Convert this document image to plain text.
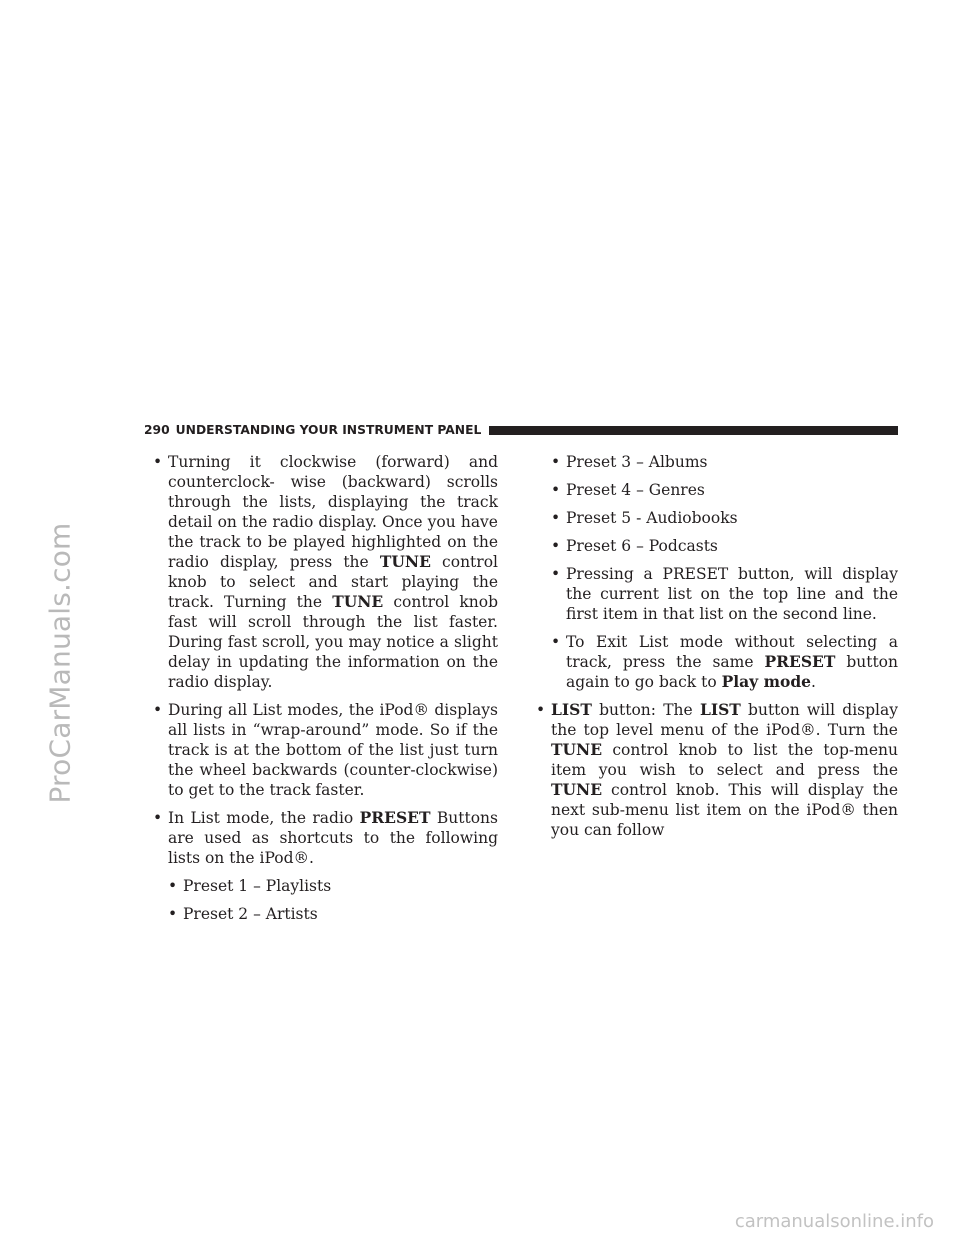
ProCarManuals.com
carmanualsonline.info
290 UNDERSTANDING YOUR INSTRUMENT PANEL
• Turning it clockwise (forward) and counterclock- wise (backward) scrolls through the lists, displaying the track detail on the radio display. Once you have the track to be played highlighted on the radio display, press the TUNE control knob to select and start playing the track. Turning the TUNE control knob fast will scroll through the list faster. During fast scroll, you may notice a slight delay in updating the information on the radio display.
• During all List modes, the iPod® displays all lists in “wrap-around” mode. So if the track is at the bottom of the list just turn the wheel backwards (counter-clockwise) to get to the track faster.
• In List mode, the radio PRESET Buttons are used as shortcuts to the following lists on the iPod®.
• Preset 1 – Playlists
• Preset 2 – Artists
• Preset 3 – Albums
• Preset 4 – Genres
• Preset 5 - Audiobooks
• Preset 6 – Podcasts
• Pressing a PRESET button, will display the current list on the top line and the first item in that list on the second line.
• To Exit List mode without selecting a track, press the same PRESET button again to go back to Play mode.
• LIST button: The LIST button will display the top level menu of the iPod®. Turn the TUNE control knob to list the top-menu item you wish to select and press the TUNE control knob. This will display the next sub-menu list item on the iPod® then you can follow
